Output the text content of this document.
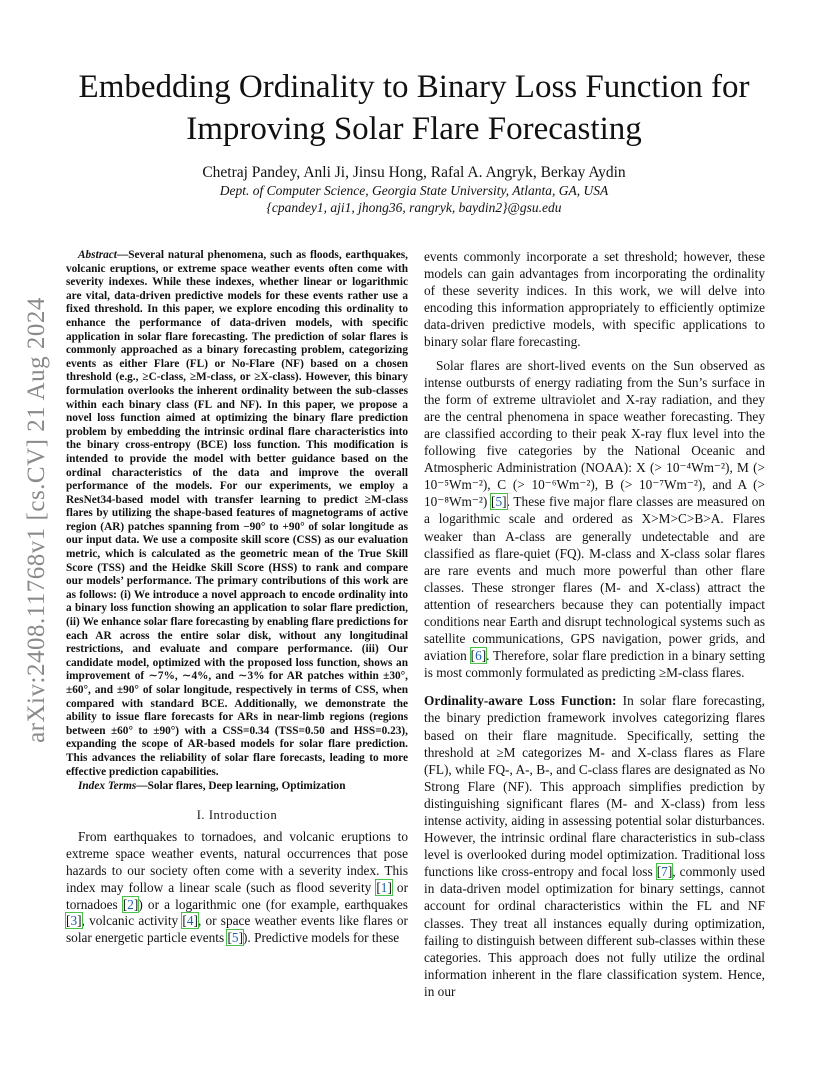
arXiv:2408.11768v1 [cs.CV] 21 Aug 2024
Embedding Ordinality to Binary Loss Function for
Improving Solar Flare Forecasting
Chetraj Pandey, Anli Ji, Jinsu Hong, Rafal A. Angryk, Berkay Aydin
Dept. of Computer Science, Georgia State University, Atlanta, GA, USA
{cpandey1, aji1, jhong36, rangryk, baydin2}@gsu.edu

Abstract—Several natural phenomena, such as floods, earthquakes, volcanic eruptions, or extreme space weather events often come with severity indexes. While these indexes, whether linear or logarithmic are vital, data-driven predictive models for these events rather use a fixed threshold. In this paper, we explore encoding this ordinality to enhance the performance of data-driven models, with specific application in solar flare forecasting. The prediction of solar flares is commonly approached as a binary forecasting problem, categorizing events as either Flare (FL) or No-Flare (NF) based on a chosen threshold (e.g., ≥C-class, ≥M-class, or ≥X-class). However, this binary formulation overlooks the inherent ordinality between the sub-classes within each binary class (FL and NF). In this paper, we propose a novel loss function aimed at optimizing the binary flare prediction problem by embedding the intrinsic ordinal flare characteristics into the binary cross-entropy (BCE) loss function. This modification is intended to provide the model with better guidance based on the ordinal characteristics of the data and improve the overall performance of the models. For our experiments, we employ a ResNet34-based model with transfer learning to predict ≥M-class flares by utilizing the shape-based features of magnetograms of active region (AR) patches spanning from −90° to +90° of solar longitude as our input data. We use a composite skill score (CSS) as our evaluation metric, which is calculated as the geometric mean of the True Skill Score (TSS) and the Heidke Skill Score (HSS) to rank and compare our models’ performance. The primary contributions of this work are as follows: (i) We introduce a novel approach to encode ordinality into a binary loss function showing an application to solar flare prediction, (ii) We enhance solar flare forecasting by enabling flare predictions for each AR across the entire solar disk, without any longitudinal restrictions, and evaluate and compare performance. (iii) Our candidate model, optimized with the proposed loss function, shows an improvement of ∼7%, ∼4%, and ∼3% for AR patches within ±30°, ±60°, and ±90° of solar longitude, respectively in terms of CSS, when compared with standard BCE. Additionally, we demonstrate the ability to issue flare forecasts for ARs in near-limb regions (regions between ±60° to ±90°) with a CSS=0.34 (TSS=0.50 and HSS=0.23), expanding the scope of AR-based models for solar flare prediction. This advances the reliability of solar flare forecasts, leading to more effective prediction capabilities.

Index Terms—Solar flares, Deep learning, Optimization

I. Introduction

From earthquakes to tornadoes, and volcanic eruptions to extreme space weather events, natural occurrences that pose hazards to our society often come with a severity index. This index may follow a linear scale (such as flood severity [ 1 ] or tornadoes [ 2 ] ) or a logarithmic one (for example, earthquakes [ 3 ] , volcanic activity [ 4 ] , or space weather events like flares or solar energetic particle events [ 5 ] ). Predictive models for these

events commonly incorporate a set threshold; however, these models can gain advantages from incorporating the ordinality of these severity indices. In this work, we will delve into encoding this information appropriately to efficiently optimize data-driven predictive models, with specific applications to binary solar flare forecasting.

Solar flares are short-lived events on the Sun observed as intense outbursts of energy radiating from the Sun’s surface in the form of extreme ultraviolet and X-ray radiation, and they are the central phenomena in space weather forecasting. They are classified according to their peak X-ray flux level into the following five categories by the National Oceanic and Atmospheric Administration (NOAA): X (> 10⁻⁴Wm⁻²), M (> 10⁻⁵Wm⁻²), C (> 10⁻⁶Wm⁻²), B (> 10⁻⁷Wm⁻²), and A (> 10⁻⁸Wm⁻²) [ 5 ] . These five major flare classes are measured on a logarithmic scale and ordered as X>M>C>B>A. Flares weaker than A-class are generally undetectable and are classified as flare-quiet (FQ). M-class and X-class solar flares are rare events and much more powerful than other flare classes. These stronger flares (M- and X-class) attract the attention of researchers because they can potentially impact conditions near Earth and disrupt technological systems such as satellite communications, GPS navigation, power grids, and aviation [ 6 ] . Therefore, solar flare prediction in a binary setting is most commonly formulated as predicting ≥M-class flares.

Ordinality-aware Loss Function: In solar flare forecasting, the binary prediction framework involves categorizing flares based on their flare magnitude. Specifically, setting the threshold at ≥M categorizes M- and X-class flares as Flare (FL), while FQ-, A-, B-, and C-class flares are designated as No Strong Flare (NF). This approach simplifies prediction by distinguishing significant flares (M- and X-class) from less intense activity, aiding in assessing potential solar disturbances. However, the intrinsic ordinal flare characteristics in sub-class level is overlooked during model optimization. Traditional loss functions like cross-entropy and focal loss [ 7 ] , commonly used in data-driven model optimization for binary settings, cannot account for ordinal characteristics within the FL and NF classes. They treat all instances equally during optimization, failing to distinguish between different sub-classes within these categories. This approach does not fully utilize the ordinal information inherent in the flare classification system. Hence, in our
